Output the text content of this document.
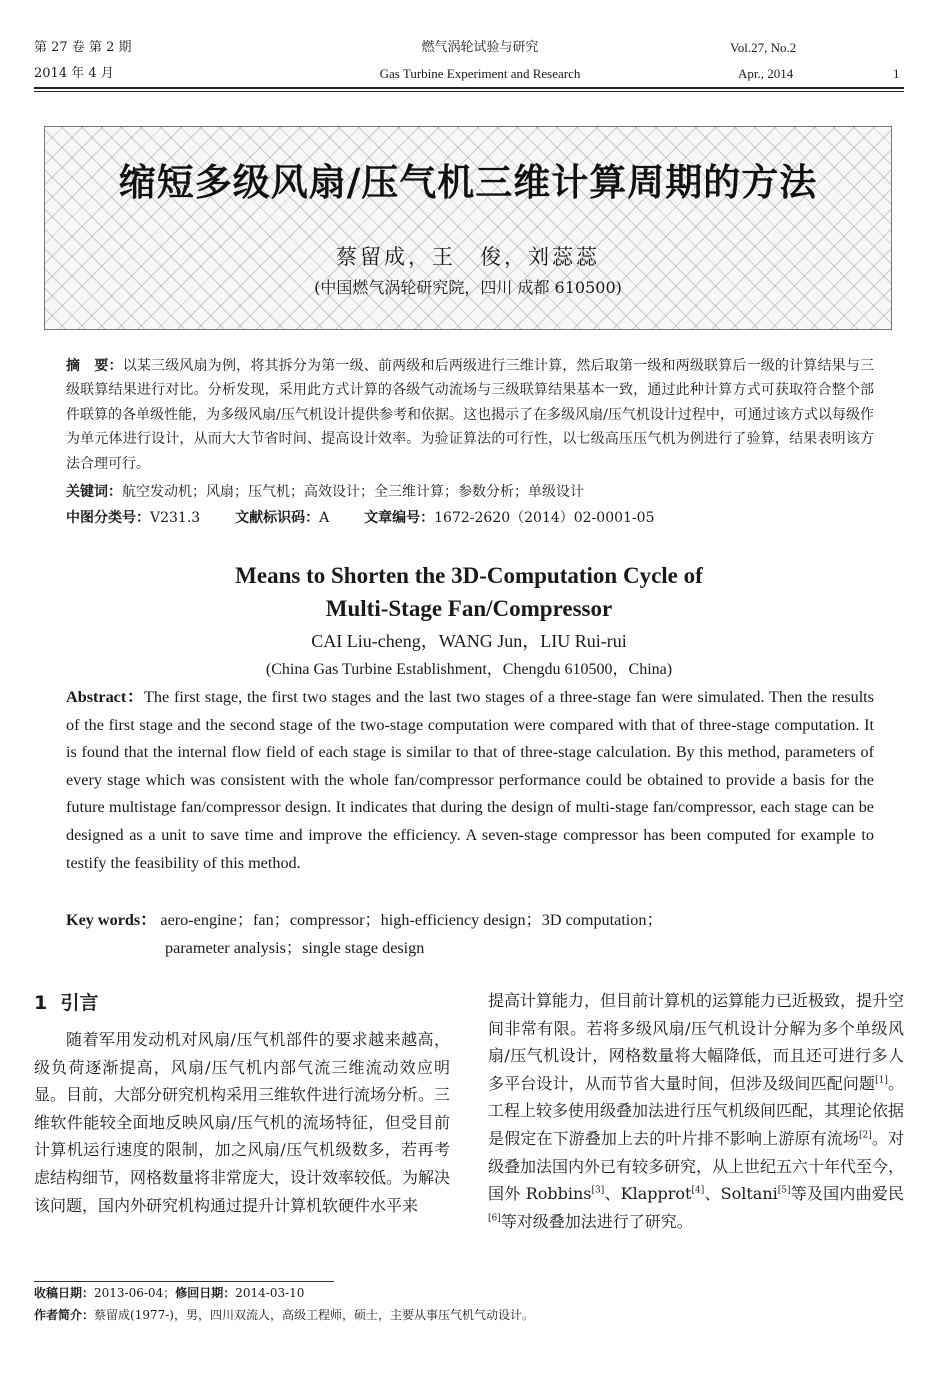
第 27 卷 第 2 期
2014 年 4 月
燃气涡轮试验与研究
Gas Turbine Experiment and Research
Vol.27, No.2
Apr., 2014	1
缩短多级风扇/压气机三维计算周期的方法
蔡留成，王　俊，刘蕊蕊
(中国燃气涡轮研究院，四川 成都 610500)
摘　要：以某三级风扇为例，将其拆分为第一级、前两级和后两级进行三维计算，然后取第一级和两级联算后一级的计算结果与三级联算结果进行对比。分析发现，采用此方式计算的各级气动流场与三级联算结果基本一致，通过此种计算方式可获取符合整个部件联算的各单级性能，为多级风扇/压气机设计提供参考和依据。这也揭示了在多级风扇/压气机设计过程中，可通过该方式以每级作为单元体进行设计，从而大大节省时间、提高设计效率。为验证算法的可行性，以七级高压压气机为例进行了验算，结果表明该方法合理可行。
关键词：航空发动机；风扇；压气机；高效设计；全三维计算；参数分析；单级设计
中图分类号：V231.3 文献标识码：A 文章编号：1672-2620（2014）02-0001-05
Means to Shorten the 3D-Computation Cycle of
Multi-Stage Fan/Compressor
CAI Liu-cheng，WANG Jun，LIU Rui-rui
(China Gas Turbine Establishment，Chengdu 610500，China)
Abstract：The first stage, the first two stages and the last two stages of a three-stage fan were simulated. Then the results of the first stage and the second stage of the two-stage computation were compared with that of three-stage computation. It is found that the internal flow field of each stage is similar to that of three-stage calculation. By this method, parameters of every stage which was consistent with the whole fan/compressor performance could be obtained to provide a basis for the future multistage fan/compressor design. It indicates that during the design of multi-stage fan/compressor, each stage can be designed as a unit to save time and improve the efficiency. A seven-stage compressor has been computed for example to testify the feasibility of this method.
Key words： aero-engine；fan；compressor；high-efficiency design；3D computation；
parameter analysis；single stage design
1 引言
随着军用发动机对风扇/压气机部件的要求越来越高，级负荷逐渐提高，风扇/压气机内部气流三维流动效应明显。目前，大部分研究机构采用三维软件进行流场分析。三维软件能较全面地反映风扇/压气机的流场特征，但受目前计算机运行速度的限制，加之风扇/压气机级数多，若再考虑结构细节，网格数量将非常庞大，设计效率较低。为解决该问题，国内外研究机构通过提升计算机软硬件水平来
提高计算能力，但目前计算机的运算能力已近极致，提升空间非常有限。若将多级风扇/压气机设计分解为多个单级风扇/压气机设计，网格数量将大幅降低，而且还可进行多人多平台设计，从而节省大量时间，但涉及级间匹配问题[1]。工程上较多使用级叠加法进行压气机级间匹配，其理论依据是假定在下游叠加上去的叶片排不影响上游原有流场[2]。对级叠加法国内外已有较多研究，从上世纪五六十年代至今，国外 Robbins[3]、Klapprot[4]、Soltani[5]等及国内曲爱民[6]等对级叠加法进行了研究。
收稿日期：2013-06-04；修回日期：2014-03-10
作者简介：蔡留成(1977-)，男，四川双流人，高级工程师，硕士，主要从事压气机气动设计。
